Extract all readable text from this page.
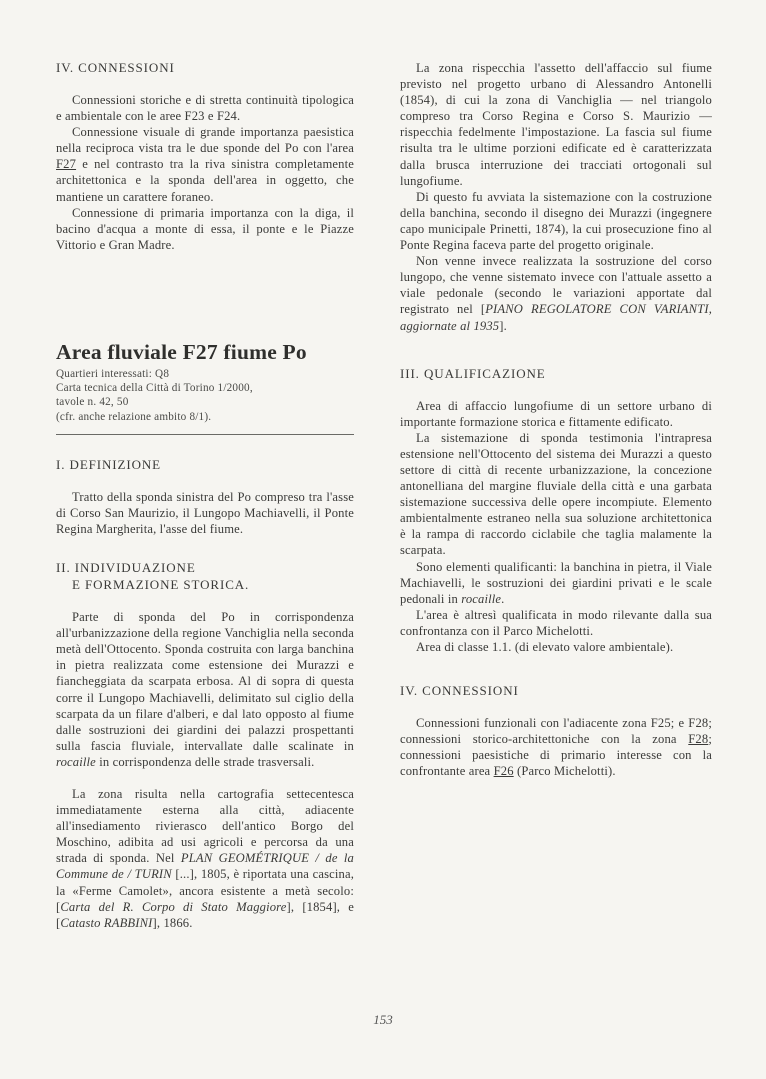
IV. CONNESSIONI

Connessioni storiche e di stretta continuità tipologica e ambientale con le aree F23 e F24.

Connessione visuale di grande importanza paesistica nella reciproca vista tra le due sponde del Po con l'area F27 e nel contrasto tra la riva sinistra completamente architettonica e la sponda dell'area in oggetto, che mantiene un carattere foraneo.

Connessione di primaria importanza con la diga, il bacino d'acqua a monte di essa, il ponte e le Piazze Vittorio e Gran Madre.

Area fluviale F27 fiume Po

Quartieri interessati: Q8

Carta tecnica della Città di Torino 1/2000,

tavole n. 42, 50

(cfr. anche relazione ambito 8/1).

I. DEFINIZIONE

Tratto della sponda sinistra del Po compreso tra l'asse di Corso San Maurizio, il Lungopo Machiavelli, il Ponte Regina Margherita, l'asse del fiume.

II. INDIVIDUAZIONE
E FORMAZIONE STORICA.

Parte di sponda del Po in corrispondenza all'urbanizzazione della regione Vanchiglia nella seconda metà dell'Ottocento. Sponda costruita con larga banchina in pietra realizzata come estensione dei Murazzi e fiancheggiata da scarpata erbosa. Al di sopra di questa corre il Lungopo Machiavelli, delimitato sul ciglio della scarpata da un filare d'alberi, e dal lato opposto al fiume dalle sostruzioni dei giardini dei palazzi prospettanti sulla fascia fluviale, intervallate dalle scalinate in rocaille in corrispondenza delle strade trasversali.

La zona risulta nella cartografia settecentesca immediatamente esterna alla città, adiacente all'insediamento rivierasco dell'antico Borgo del Moschino, adibita ad usi agricoli e percorsa da una strada di sponda. Nel PLAN GEOMÉTRIQUE / de la Commune de / TURIN [...], 1805, è riportata una cascina, la «Ferme Camolet», ancora esistente a metà secolo: [Carta del R. Corpo di Stato Maggiore], [1854], e [Catasto RABBINI], 1866.

La zona rispecchia l'assetto dell'affaccio sul fiume previsto nel progetto urbano di Alessandro Antonelli (1854), di cui la zona di Vanchiglia — nel triangolo compreso tra Corso Regina e Corso S. Maurizio — rispecchia fedelmente l'impostazione. La fascia sul fiume risulta tra le ultime porzioni edificate ed è caratterizzata dalla brusca interruzione dei tracciati ortogonali sul lungofiume.

Di questo fu avviata la sistemazione con la costruzione della banchina, secondo il disegno dei Murazzi (ingegnere capo municipale Prinetti, 1874), la cui prosecuzione fino al Ponte Regina faceva parte del progetto originale.

Non venne invece realizzata la sostruzione del corso lungopo, che venne sistemato invece con l'attuale assetto a viale pedonale (secondo le variazioni apportate dal registrato nel [PIANO REGOLATORE CON VARIANTI, aggiornate al 1935].

III. QUALIFICAZIONE

Area di affaccio lungofiume di un settore urbano di importante formazione storica e fittamente edificato.

La sistemazione di sponda testimonia l'intrapresa estensione nell'Ottocento del sistema dei Murazzi a questo settore di città di recente urbanizzazione, la concezione antonelliana del margine fluviale della città e una garbata sistemazione successiva delle opere incompiute. Elemento ambientalmente estraneo nella sua soluzione architettonica è la rampa di raccordo ciclabile che taglia malamente la scarpata.

Sono elementi qualificanti: la banchina in pietra, il Viale Machiavelli, le sostruzioni dei giardini privati e le scale pedonali in rocaille.

L'area è altresì qualificata in modo rilevante dalla sua confrontanza con il Parco Michelotti.

Area di classe 1.1. (di elevato valore ambientale).

IV. CONNESSIONI

Connessioni funzionali con l'adiacente zona F25; e F28; connessioni storico-architettoniche con la zona F28; connessioni paesistiche di primario interesse con la confrontante area F26 (Parco Michelotti).

153
